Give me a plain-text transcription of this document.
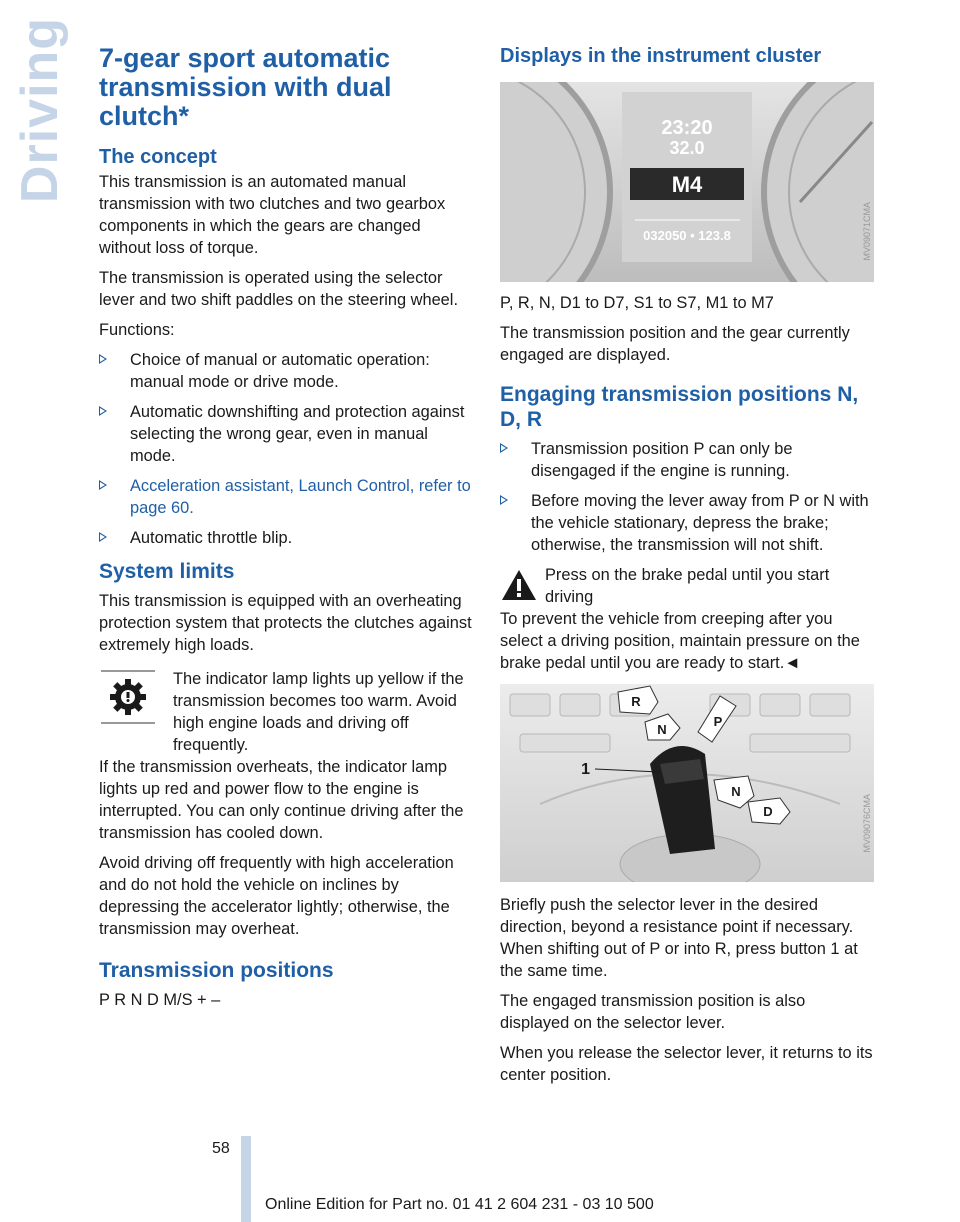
Driving 7-gear sport automatic transmission with dual clutch*
The concept

This transmission is an automated manual transmission with two clutches and two gearbox components in which the gears are changed without loss of torque.

The transmission is operated using the selector lever and two shift paddles on the steering wheel.

Functions:

Choice of manual or automatic operation: manual mode or drive mode.
Automatic downshifting and protection against selecting the wrong gear, even in manual mode.
Acceleration assistant, Launch Control, refer to page 60.
Automatic throttle blip.
System limits

This transmission is equipped with an overheating protection system that protects the clutches against extremely high loads.

The indicator lamp lights up yellow if the transmission becomes too warm. Avoid high engine loads and driving off frequently.

If the transmission overheats, the indicator lamp lights up red and power flow to the engine is interrupted. You can only continue driving after the transmission has cooled down.

Avoid driving off frequently with high acceleration and do not hold the vehicle on inclines by depressing the accelerator lightly; otherwise, the transmission may overheat.

Transmission positions

P R N D M/S + –

Displays in the instrument cluster
23:20
32.0
M4
032050 • 123.8	MV09071CMA

P, R, N, D1 to D7, S1 to S7, M1 to M7

The transmission position and the gear currently engaged are displayed.

Engaging transmission positions N, D, R
Transmission position P can only be disengaged if the engine is running.
Before moving the lever away from P or N with the vehicle stationary, depress the brake; otherwise, the transmission will not shift.
Press on the brake pedal until you start driving

To prevent the vehicle from creeping after you select a driving position, maintain pressure on the brake pedal until you are ready to start.◄

1
R
N
P
N
D	MV09076CMA

Briefly push the selector lever in the desired direction, beyond a resistance point if necessary. When shifting out of P or into R, press button 1 at the same time.

The engaged transmission position is also displayed on the selector lever.

When you release the selector lever, it returns to its center position.

58
Online Edition for Part no. 01 41 2 604 231 - 03 10 500
